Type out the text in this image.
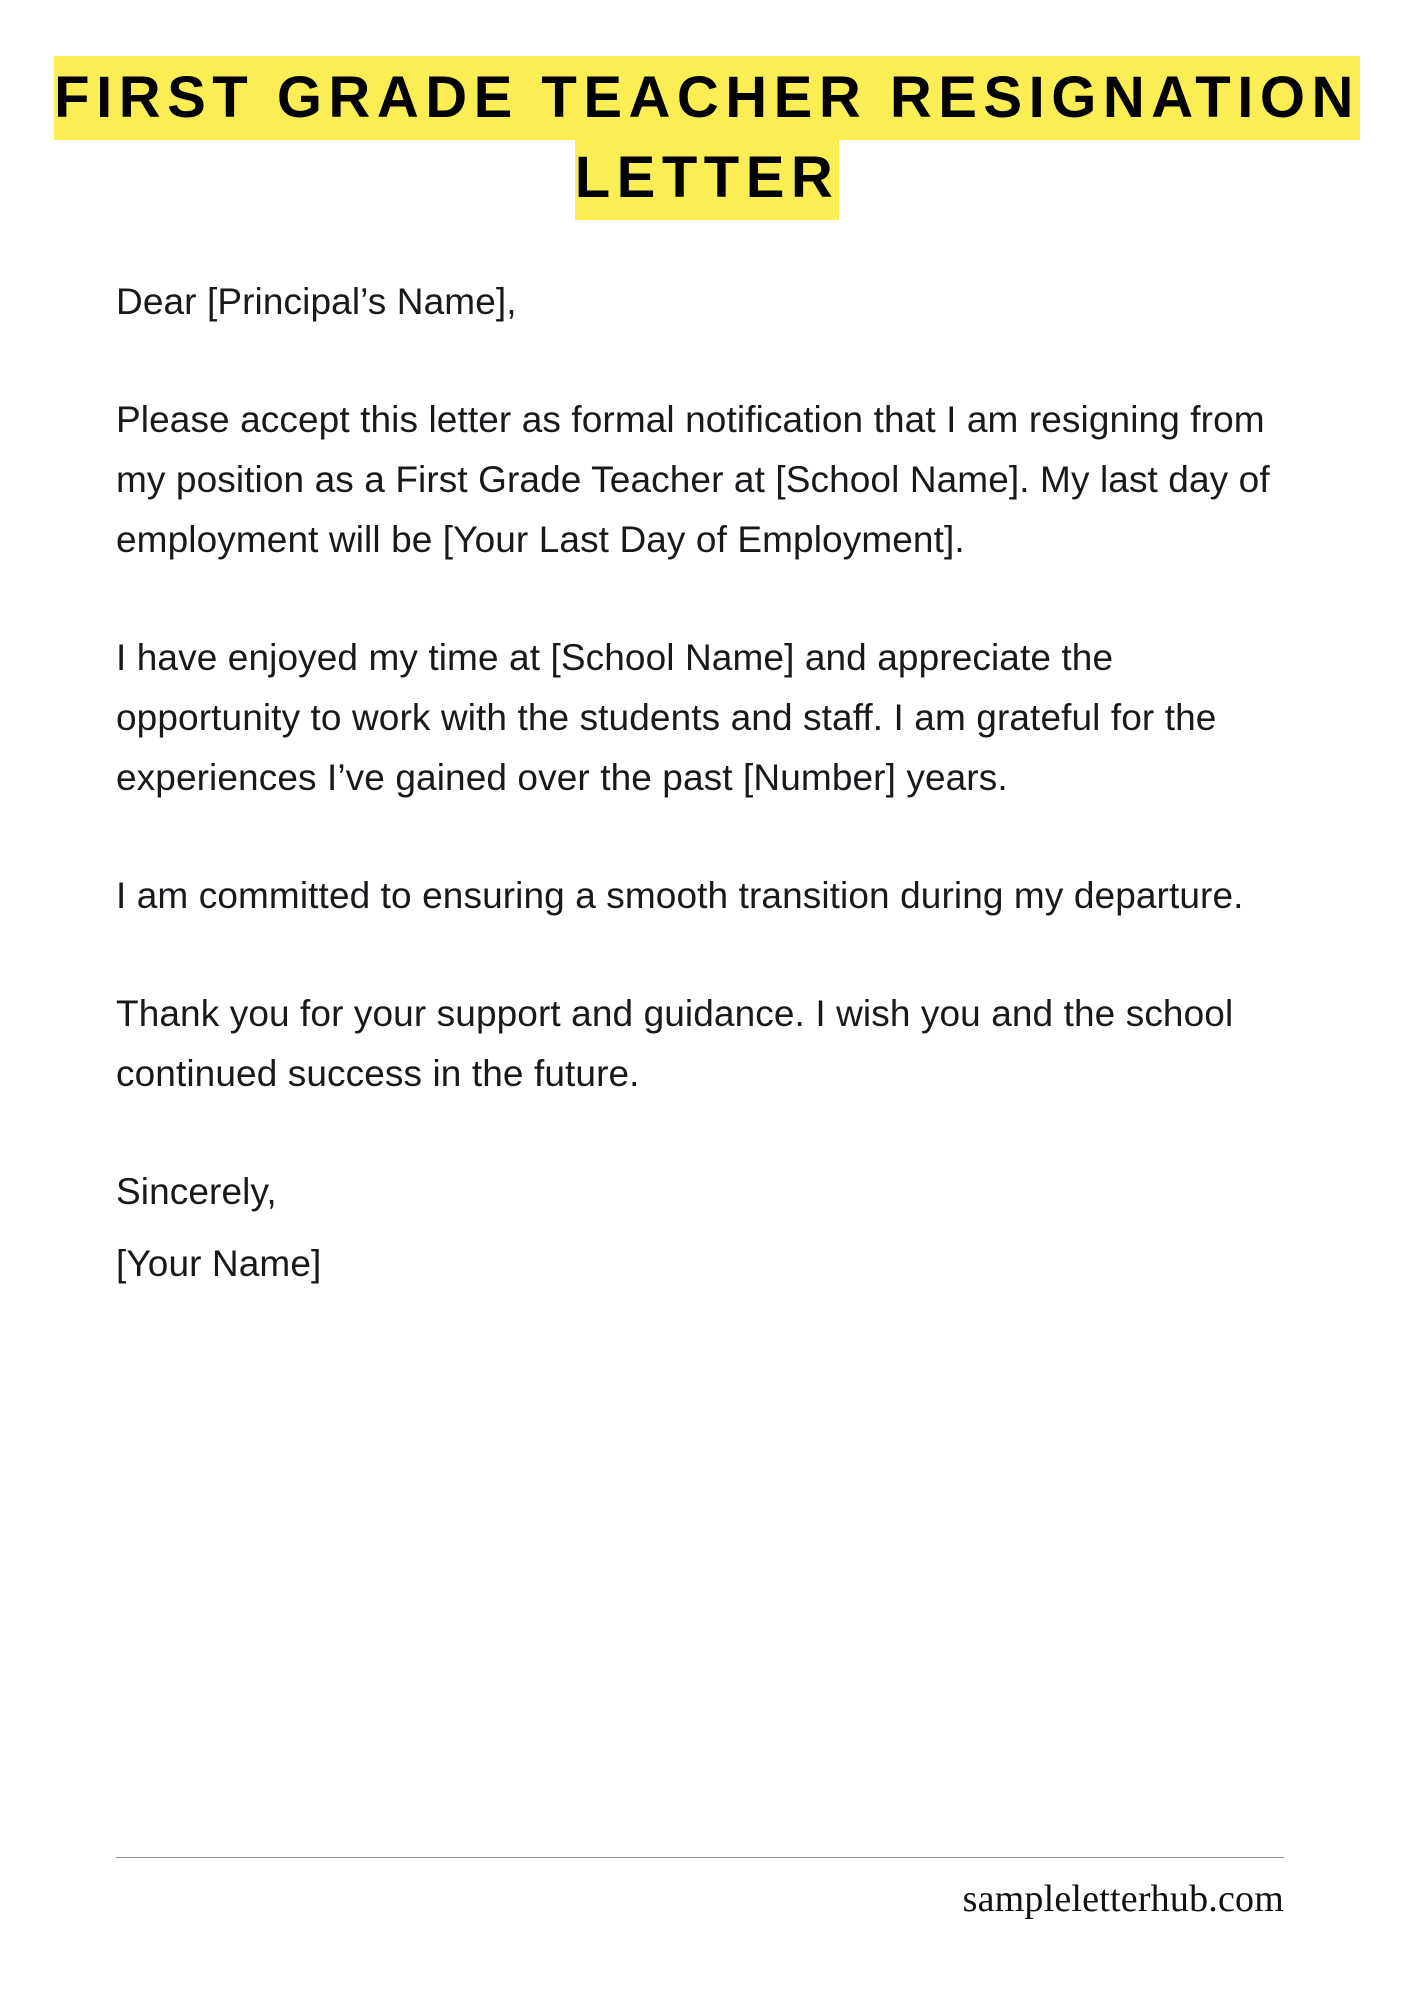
FIRST GRADE TEACHER RESIGNATION LETTER

Dear [Principal’s Name],

Please accept this letter as formal notification that I am resigning from my position as a First Grade Teacher at [School Name]. My last day of employment will be [Your Last Day of Employment].

I have enjoyed my time at [School Name] and appreciate the opportunity to work with the students and staff. I am grateful for the experiences I’ve gained over the past [Number] years.

I am committed to ensuring a smooth transition during my departure.

Thank you for your support and guidance. I wish you and the school continued success in the future.

Sincerely,
[Your Name]
sampleletterhub.com
